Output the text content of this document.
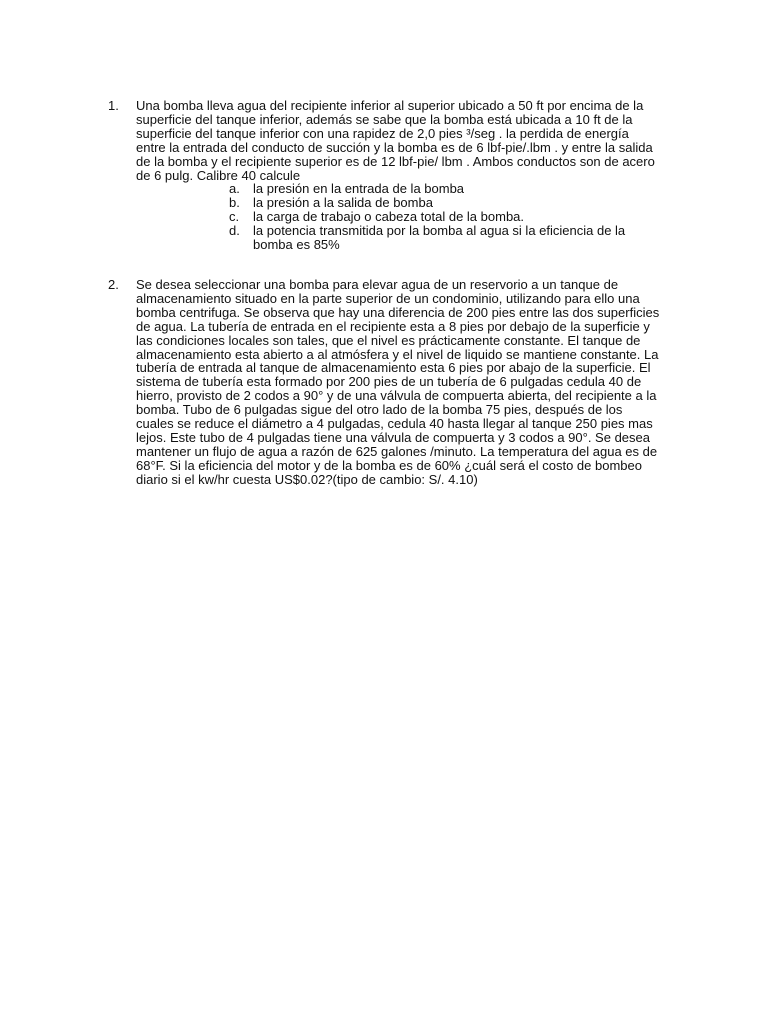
1. Una bomba lleva agua del recipiente inferior al superior ubicado a 50 ft por encima de la superficie del tanque inferior, además se sabe que la bomba está ubicada a 10 ft de la superficie del tanque inferior con una rapidez de 2,0 pies ³/seg . la perdida de energía entre la entrada del conducto de succión y la bomba es de 6 lbf-pie/.lbm . y entre la salida de la bomba y el recipiente superior es de 12 lbf-pie/ lbm . Ambos conductos son de acero de 6 pulg. Calibre 40 calcule

a. la presión en la entrada de la bomba
b. la presión a la salida de bomba
c. la carga de trabajo o cabeza total de la bomba.
d. la potencia transmitida por la bomba al agua si la eficiencia de la bomba es 85%
2. Se desea seleccionar una bomba para elevar agua de un reservorio a un tanque de almacenamiento situado en la parte superior de un condominio, utilizando para ello una bomba centrifuga. Se observa que hay una diferencia de 200 pies entre las dos superficies de agua. La tubería de entrada en el recipiente esta a 8 pies por debajo de la superficie y las condiciones locales son tales, que el nivel es prácticamente constante. El tanque de almacenamiento esta abierto a al atmósfera y el nivel de liquido se mantiene constante. La tubería de entrada al tanque de almacenamiento esta 6 pies por abajo de la superficie. El sistema de tubería esta formado por 200 pies de un tubería de 6 pulgadas cedula 40 de hierro, provisto de 2 codos a 90° y de una válvula de compuerta abierta, del recipiente a la bomba. Tubo de 6 pulgadas sigue del otro lado de la bomba 75 pies, después de los cuales se reduce el diámetro a 4 pulgadas, cedula 40 hasta llegar al tanque 250 pies mas lejos. Este tubo de 4 pulgadas tiene una válvula de compuerta y 3 codos a 90°. Se desea mantener un flujo de agua a razón de 625 galones /minuto. La temperatura del agua es de 68°F. Si la eficiencia del motor y de la bomba es de 60% ¿cuál será el costo de bombeo diario si el kw/hr cuesta US$0.02?(tipo de cambio: S/. 4.10)
